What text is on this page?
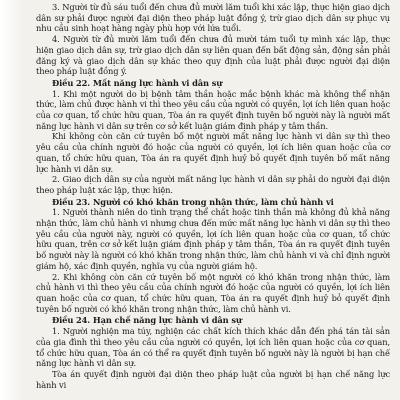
3. Người từ đủ sáu tuổi đến chưa đủ mười lăm tuổi khi xác lập, thực hiện giao dịch dân sự phải được người đại diện theo pháp luật đồng ý, trừ giao dịch dân sự phục vụ nhu cầu sinh hoạt hàng ngày phù hợp với lứa tuổi.

4. Người từ đủ mười lăm tuổi đến chưa đủ mười tám tuổi tự mình xác lập, thực hiện giao dịch dân sự, trừ giao dịch dân sự liên quan đến bất động sản, động sản phải đăng ký và giao dịch dân sự khác theo quy định của luật phải được người đại diện theo pháp luật đồng ý.

Điều 22. Mất năng lực hành vi dân sự

1. Khi một người do bị bệnh tâm thần hoặc mắc bệnh khác mà không thể nhận thức, làm chủ được hành vi thì theo yêu cầu của người có quyền, lợi ích liên quan hoặc của cơ quan, tổ chức hữu quan, Tòa án ra quyết định tuyên bố người này là người mất năng lực hành vi dân sự trên cơ sở kết luận giám định pháp y tâm thần.

Khi không còn căn cứ tuyên bố một người mất năng lực hành vi dân sự thì theo yêu cầu của chính người đó hoặc của người có quyền, lợi ích liên quan hoặc của cơ quan, tổ chức hữu quan, Tòa án ra quyết định huỷ bỏ quyết định tuyên bố mất năng lực hành vi dân sự.

2. Giao dịch dân sự của người mất năng lực hành vi dân sự phải do người đại diện theo pháp luật xác lập, thực hiện.

Điều 23. Người có khó khăn trong nhận thức, làm chủ hành vi

1. Người thành niên do tình trạng thể chất hoặc tinh thần mà không đủ khả năng nhận thức, làm chủ hành vi nhưng chưa đến mức mất năng lực hành vi dân sự thì theo yêu cầu của người này, người có quyền, lợi ích liên quan hoặc của cơ quan, tổ chức hữu quan, trên cơ sở kết luận giám định pháp y tâm thần, Tòa án ra quyết định tuyên bố người này là người có khó khăn trong nhận thức, làm chủ hành vi và chỉ định người giám hộ, xác định quyền, nghĩa vụ của người giám hộ.

2. Khi không còn căn cứ tuyên bố một người có khó khăn trong nhận thức, làm chủ hành vi thì theo yêu cầu của chính người đó hoặc của người có quyền, lợi ích liên quan hoặc của cơ quan, tổ chức hữu quan, Tòa án ra quyết định huỷ bỏ quyết định tuyên bố người có khó khăn trong nhận thức, làm chủ hành vi.

Điều 24. Hạn chế năng lực hành vi dân sự

1. Người nghiện ma túy, nghiện các chất kích thích khác dẫn đến phá tán tài sản của gia đình thì theo yêu cầu của người có quyền, lợi ích liên quan hoặc của cơ quan, tổ chức hữu quan, Tòa án có thể ra quyết định tuyên bố người này là người bị hạn chế năng lực hành vi dân sự.

Tòa án quyết định người đại diện theo pháp luật của người bị hạn chế năng lực hành vi
